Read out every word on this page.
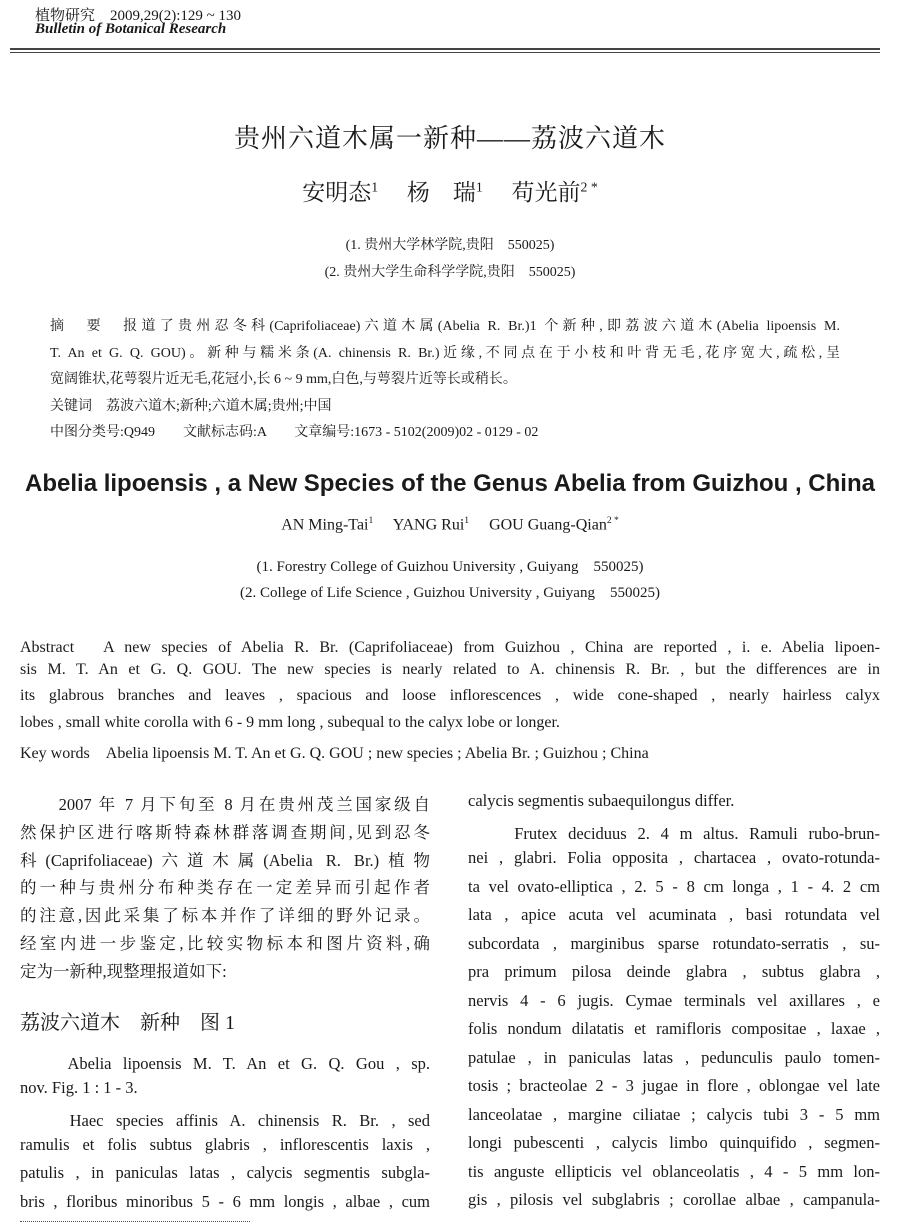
植物研究　2009,29(2):129 ~ 130
Bulletin of Botanical Research
贵州六道木属一新种——荔波六道木
安明态$^1$  杨　瑞$^1$  苟光前$^{2 *}$
(1. 贵州大学林学院,贵阳　550025)
(2. 贵州大学生命科学学院,贵阳　550025)
摘　要　报道了贵州忍冬科(Caprifoliaceae)六道木属(Abelia R. Br.)1 个新种,即荔波六道木(Abelia lipoensis M.
T. An et G. Q. GOU)。新种与糯米条(A. chinensis R. Br.)近缘,不同点在于小枝和叶背无毛,花序宽大,疏松,呈
宽阔锥状,花萼裂片近无毛,花冠小,长 6 ~ 9 mm,白色,与萼裂片近等长或稍长。
关键词　荔波六道木;新种;六道木属;贵州;中国
中图分类号:Q949　　文献标志码:A　　文章编号:1673 - 5102(2009)02 - 0129 - 02
Abelia lipoensis , a New Species of the Genus Abelia from Guizhou , China
AN Ming-Tai$^1$  YANG Rui$^1$  GOU Guang-Qian$^{2 *}$
(1. Forestry College of Guizhou University , Guiyang　550025)
(2. College of Life Science , Guizhou University , Guiyang　550025)
Abstract　A new species of Abelia R. Br. (Caprifoliaceae) from Guizhou , China are reported , i. e. Abelia lipoen-
sis M. T. An et G. Q. GOU. The new species is nearly related to A. chinensis R. Br. , but the differences are in
its glabrous branches and leaves , spacious and loose inflorescences , wide cone-shaped , nearly hairless calyx
lobes , small white corolla with 6 - 9 mm long , subequal to the calyx lobe or longer.
Key words　Abelia lipoensis M. T. An et G. Q. GOU ; new species ; Abelia Br. ; Guizhou ; China
　　2007 年 7 月下旬至 8 月在贵州茂兰国家级自
然保护区进行喀斯特森林群落调查期间,见到忍冬
科(Caprifoliaceae)六道木属(Abelia R. Br.)植物
的一种与贵州分布种类存在一定差异而引起作者
的注意,因此采集了标本并作了详细的野外记录。
经室内进一步鉴定,比较实物标本和图片资料,确
定为一新种,现整理报道如下:
　　Abelia lipoensis M. T. An et G. Q. Gou , sp.
nov. Fig. 1 : 1 - 3.
　　Haec species affinis A. chinensis R. Br. , sed
ramulis et folis subtus glabris , inflorescentis laxis ,
patulis , in paniculas latas , calycis segmentis subgla-
bris , floribus minoribus 5 - 6 mm longis , albae , cum
荔波六道木　新种　图 1
calycis segmentis subaequilongus differ.
　　Frutex deciduus 2. 4 m altus. Ramuli rubo-brun-
nei , glabri. Folia opposita , chartacea , ovato-rotunda-
ta vel ovato-elliptica , 2. 5 - 8 cm longa , 1 - 4. 2 cm
lata , apice acuta vel acuminata , basi rotundata vel
subcordata , marginibus sparse rotundato-serratis , su-
pra primum pilosa deinde glabra , subtus glabra ,
nervis 4 - 6 jugis. Cymae terminals vel axillares , e
folis nondum dilatatis et ramifloris compositae , laxae ,
patulae , in paniculas latas , pedunculis paulo tomen-
tosis ; bracteolae 2 - 3 jugae in flore , oblongae vel late
lanceolatae , margine ciliatae ; calycis tubi 3 - 5 mm
longi pubescenti , calycis limbo quinquifido , segmen-
tis anguste ellipticis vel oblanceolatis , 4 - 5 mm lon-
gis , pilosis vel subglabris ; corollae albae , campanula-
